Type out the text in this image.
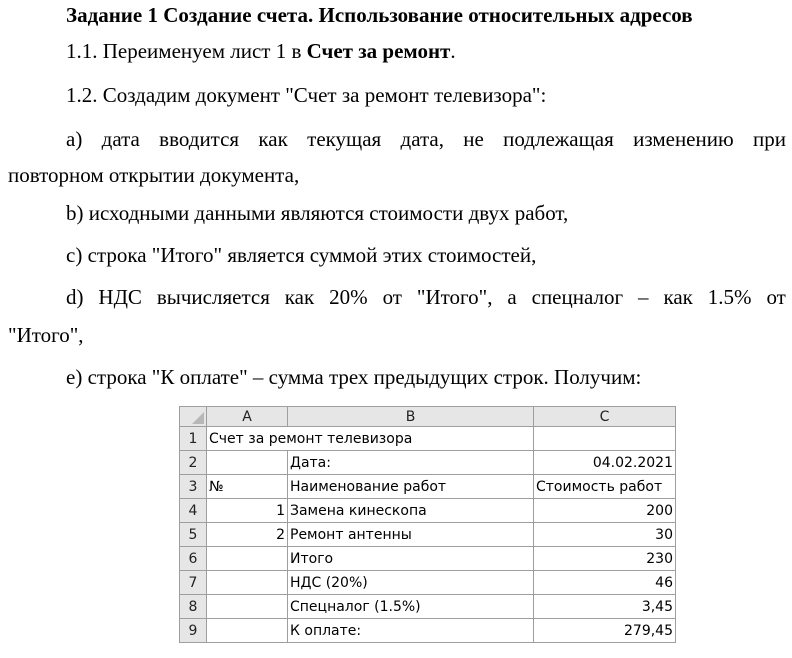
Задание 1 Создание счета. Использование относительных адресов
1.1. Переименуем лист 1 в Счет за ремонт.
1.2. Создадим документ "Счет за ремонт телевизора":
а) дата вводится как текущая дата, не подлежащая изменению при
повторном открытии документа,
b) исходными данными являются стоимости двух работ,
с) строка "Итого" является суммой этих стоимостей,
d) НДС вычисляется как 20% от "Итого", а спецналог – как 1.5% от
"Итого",
е) строка "К оплате" – сумма трех предыдущих строк. Получим:
	A	B	C
1	Счет за ремонт телевизора		
2		Дата:	04.02.2021
3	№	Наименование работ	Стоимость работ
4	1	Замена кинескопа	200
5	2	Ремонт антенны	30
6		Итого	230
7		НДС (20%)	46
8		Спецналог (1.5%)	3,45
9		К оплате:	279,45
